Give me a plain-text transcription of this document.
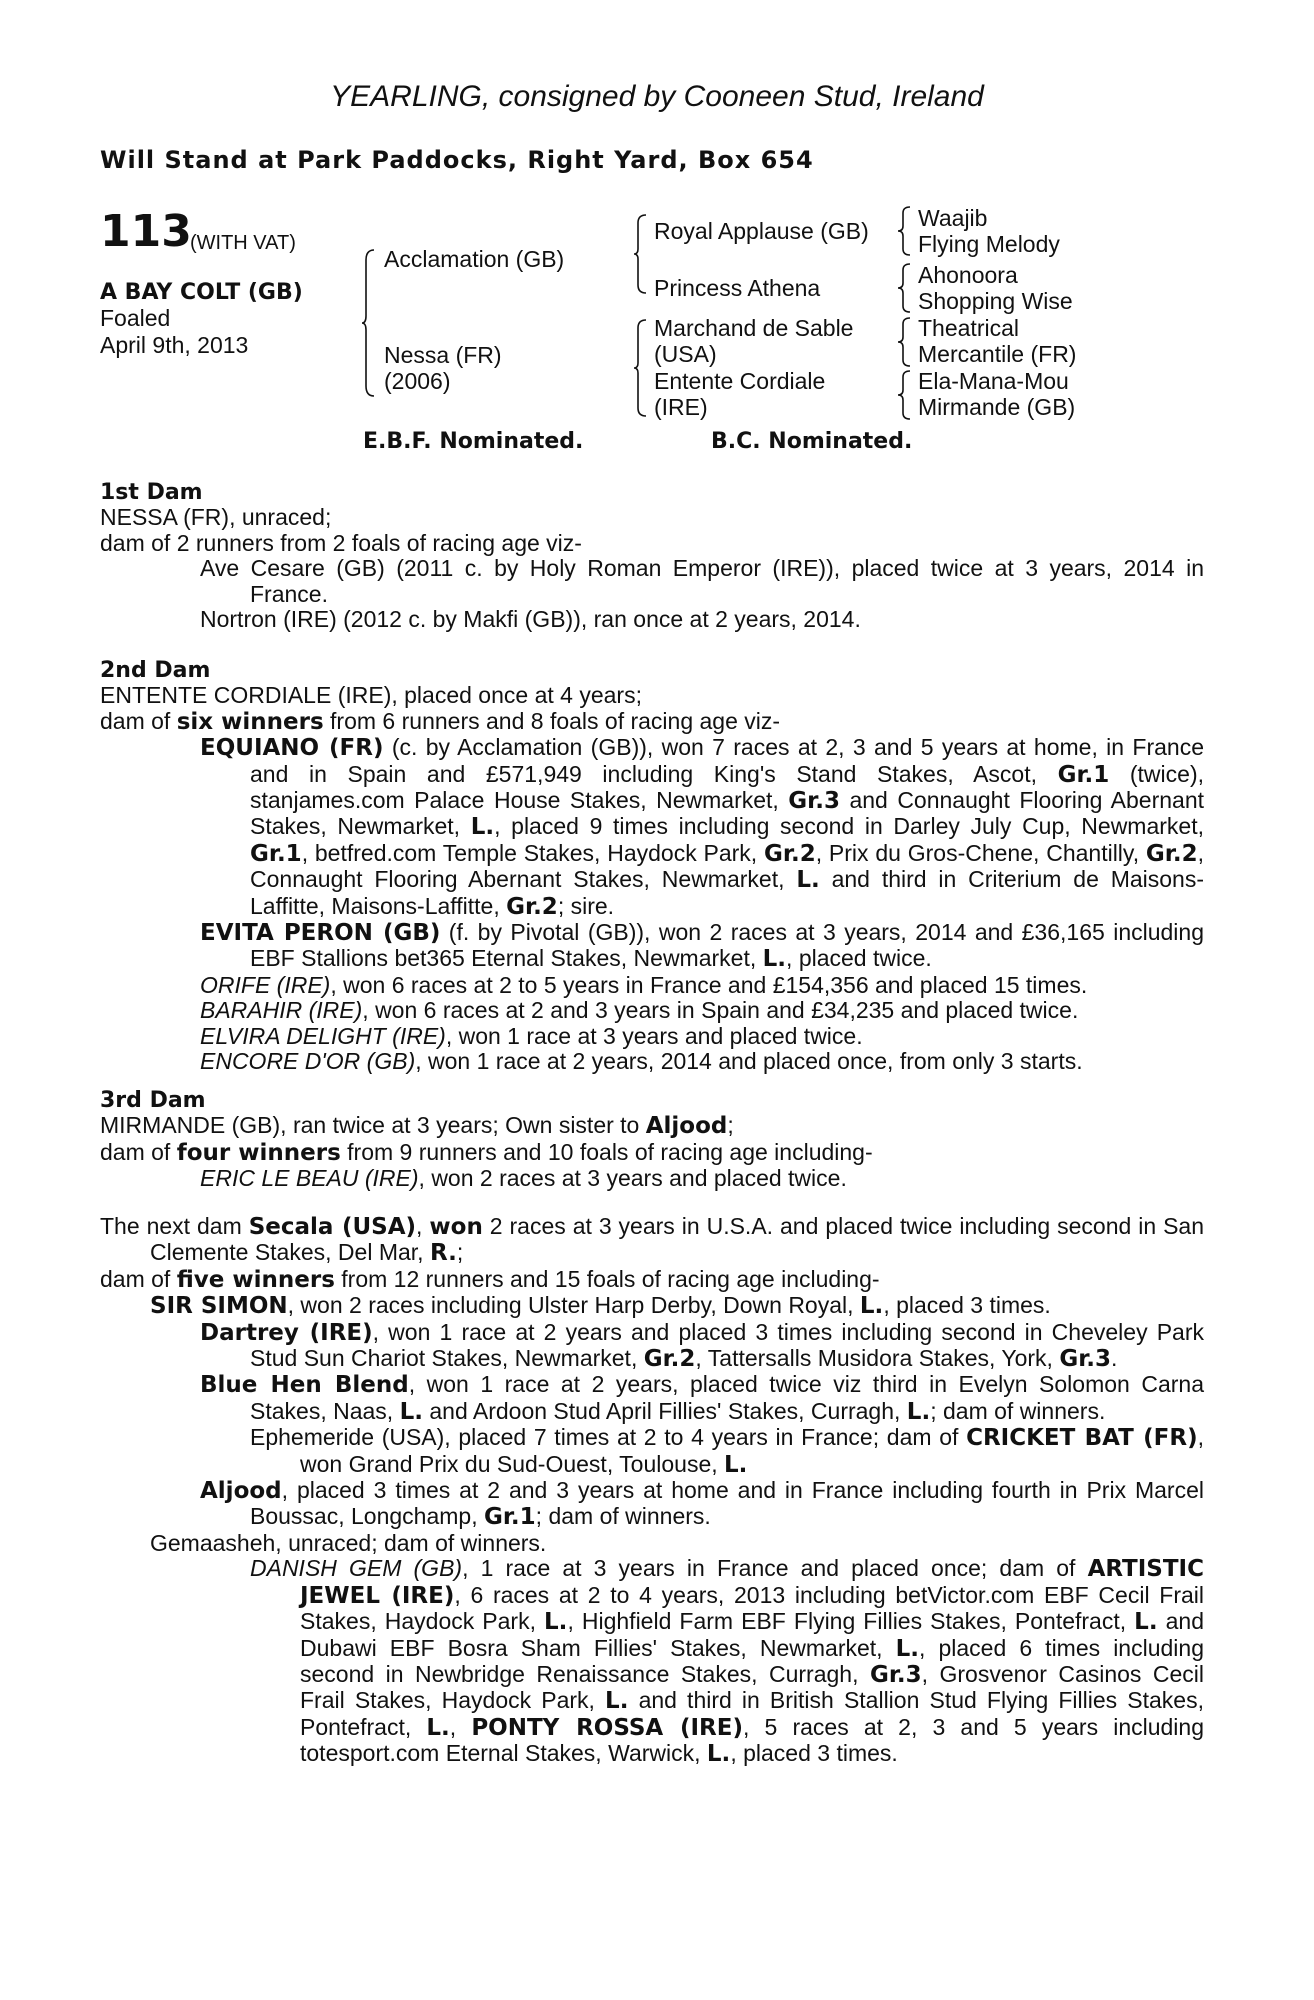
YEARLING, consigned by Cooneen Stud, Ireland
Will Stand at Park Paddocks, Right Yard, Box 654
113
(WITH VAT)
A BAY COLT (GB)
Foaled
April 9th, 2013
Acclamation (GB)
Nessa (FR)
(2006)
Royal Applause (GB)
Princess Athena
Marchand de Sable
(USA)
Entente Cordiale
(IRE)
Waajib
Flying Melody
Ahonoora
Shopping Wise
Theatrical
Mercantile (FR)
Ela-Mana-Mou
Mirmande (GB)
E.B.F. Nominated.	B.C. Nominated.

1st Dam

NESSA (FR), unraced;

dam of 2 runners from 2 foals of racing age viz-

Ave Cesare (GB) (2011 c. by Holy Roman Emperor (IRE)), placed twice at 3 years, 2014 in France.

Nortron (IRE) (2012 c. by Makfi (GB)), ran once at 2 years, 2014.

2nd Dam

ENTENTE CORDIALE (IRE), placed once at 4 years;

dam of six winners from 6 runners and 8 foals of racing age viz-

EQUIANO (FR) (c. by Acclamation (GB)), won 7 races at 2, 3 and 5 years at home, in France and in Spain and £571,949 including King's Stand Stakes, Ascot, Gr.1 (twice), stanjames.com Palace House Stakes, Newmarket, Gr.3 and Connaught Flooring Abernant Stakes, Newmarket, L., placed 9 times including second in Darley July Cup, Newmarket, Gr.1, betfred.com Temple Stakes, Haydock Park, Gr.2, Prix du Gros-Chene, Chantilly, Gr.2, Connaught Flooring Abernant Stakes, Newmarket, L. and third in Criterium de Maisons-Laffitte, Maisons-Laffitte, Gr.2; sire.

EVITA PERON (GB) (f. by Pivotal (GB)), won 2 races at 3 years, 2014 and £36,165 including EBF Stallions bet365 Eternal Stakes, Newmarket, L., placed twice.

ORIFE (IRE), won 6 races at 2 to 5 years in France and £154,356 and placed 15 times.

BARAHIR (IRE), won 6 races at 2 and 3 years in Spain and £34,235 and placed twice.

ELVIRA DELIGHT (IRE), won 1 race at 3 years and placed twice.

ENCORE D'OR (GB), won 1 race at 2 years, 2014 and placed once, from only 3 starts.

3rd Dam

MIRMANDE (GB), ran twice at 3 years; Own sister to Aljood;

dam of four winners from 9 runners and 10 foals of racing age including-

ERIC LE BEAU (IRE), won 2 races at 3 years and placed twice.

The next dam Secala (USA), won 2 races at 3 years in U.S.A. and placed twice including second in San Clemente Stakes, Del Mar, R.;

dam of five winners from 12 runners and 15 foals of racing age including-

SIR SIMON, won 2 races including Ulster Harp Derby, Down Royal, L., placed 3 times.

Dartrey (IRE), won 1 race at 2 years and placed 3 times including second in Cheveley Park Stud Sun Chariot Stakes, Newmarket, Gr.2, Tattersalls Musidora Stakes, York, Gr.3.

Blue Hen Blend, won 1 race at 2 years, placed twice viz third in Evelyn Solomon Carna Stakes, Naas, L. and Ardoon Stud April Fillies' Stakes, Curragh, L.; dam of winners.

Ephemeride (USA), placed 7 times at 2 to 4 years in France; dam of CRICKET BAT (FR), won Grand Prix du Sud-Ouest, Toulouse, L.

Aljood, placed 3 times at 2 and 3 years at home and in France including fourth in Prix Marcel Boussac, Longchamp, Gr.1; dam of winners.

Gemaasheh, unraced; dam of winners.

DANISH GEM (GB), 1 race at 3 years in France and placed once; dam of ARTISTIC JEWEL (IRE), 6 races at 2 to 4 years, 2013 including betVictor.com EBF Cecil Frail Stakes, Haydock Park, L., Highfield Farm EBF Flying Fillies Stakes, Pontefract, L. and Dubawi EBF Bosra Sham Fillies' Stakes, Newmarket, L., placed 6 times including second in Newbridge Renaissance Stakes, Curragh, Gr.3, Grosvenor Casinos Cecil Frail Stakes, Haydock Park, L. and third in British Stallion Stud Flying Fillies Stakes, Pontefract, L., PONTY ROSSA (IRE), 5 races at 2, 3 and 5 years including totesport.com Eternal Stakes, Warwick, L., placed 3 times.
